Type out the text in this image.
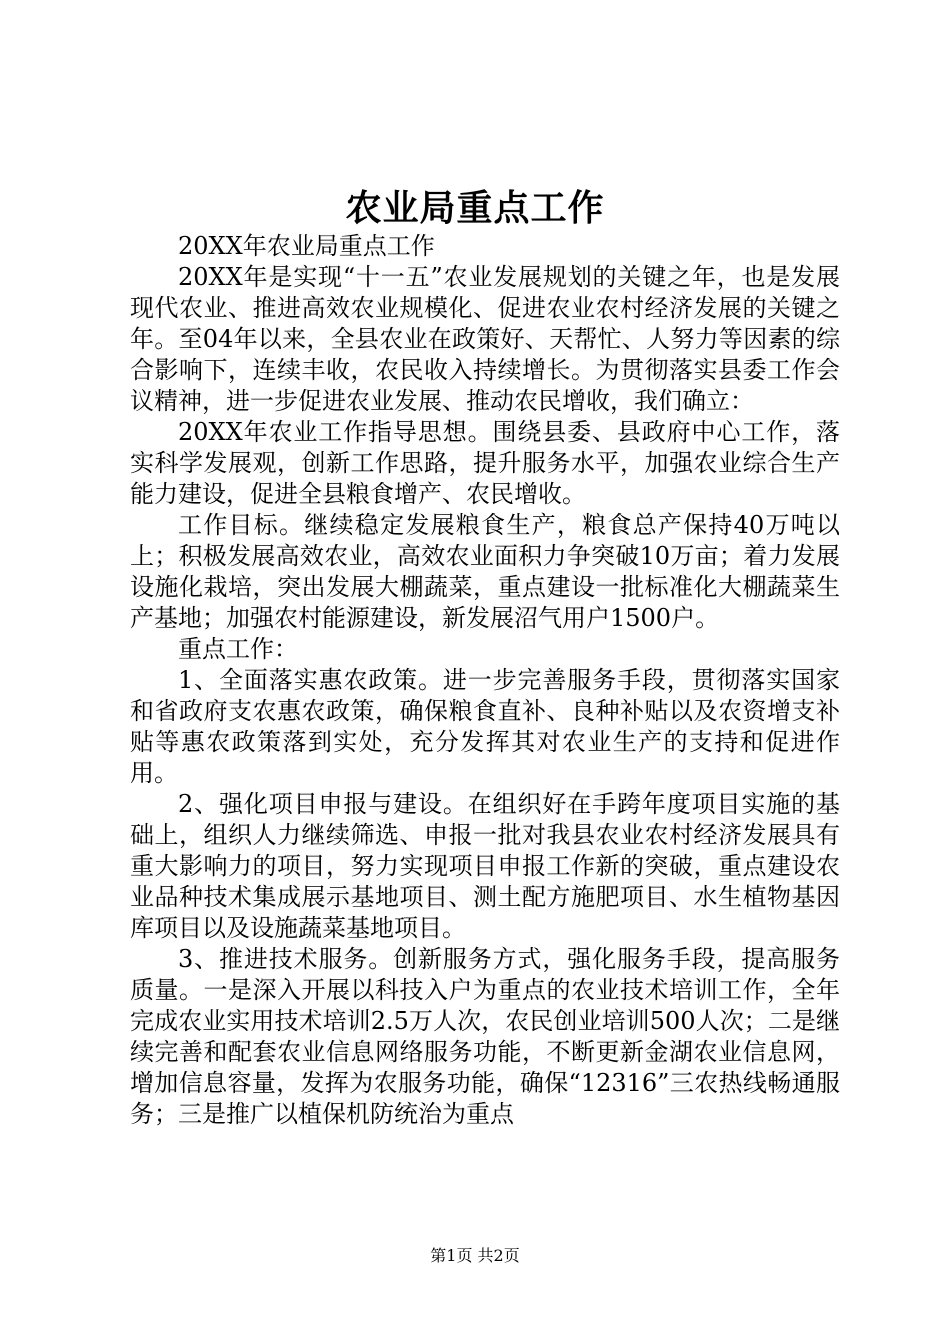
农业局重点工作

20XX年农业局重点工作

20XX年是实现“十一五”农业发展规划的关键之年，也是发展现代农业、推进高效农业规模化、促进农业农村经济发展的关键之年。至04年以来，全县农业在政策好、天帮忙、人努力等因素的综合影响下，连续丰收，农民收入持续增长。为贯彻落实县委工作会议精神，进一步促进农业发展、推动农民增收，我们确立：

20XX年农业工作指导思想。围绕县委、县政府中心工作，落实科学发展观，创新工作思路，提升服务水平，加强农业综合生产能力建设，促进全县粮食增产、农民增收。

工作目标。继续稳定发展粮食生产，粮食总产保持40万吨以上；积极发展高效农业，高效农业面积力争突破10万亩；着力发展设施化栽培，突出发展大棚蔬菜，重点建设一批标准化大棚蔬菜生产基地；加强农村能源建设，新发展沼气用户1500户。

重点工作：

1、全面落实惠农政策。进一步完善服务手段，贯彻落实国家和省政府支农惠农政策，确保粮食直补、良种补贴以及农资增支补贴等惠农政策落到实处，充分发挥其对农业生产的支持和促进作用。

2、强化项目申报与建设。在组织好在手跨年度项目实施的基础上，组织人力继续筛选、申报一批对我县农业农村经济发展具有重大影响力的项目，努力实现项目申报工作新的突破，重点建设农业品种技术集成展示基地项目、测土配方施肥项目、水生植物基因库项目以及设施蔬菜基地项目。

3、推进技术服务。创新服务方式，强化服务手段，提高服务质量。一是深入开展以科技入户为重点的农业技术培训工作，全年完成农业实用技术培训2.5万人次，农民创业培训500人次；二是继续完善和配套农业信息网络服务功能，不断更新金湖农业信息网，增加信息容量，发挥为农服务功能，确保“12316”三农热线畅通服务；三是推广以植保机防统治为重点

第1页 共2页
